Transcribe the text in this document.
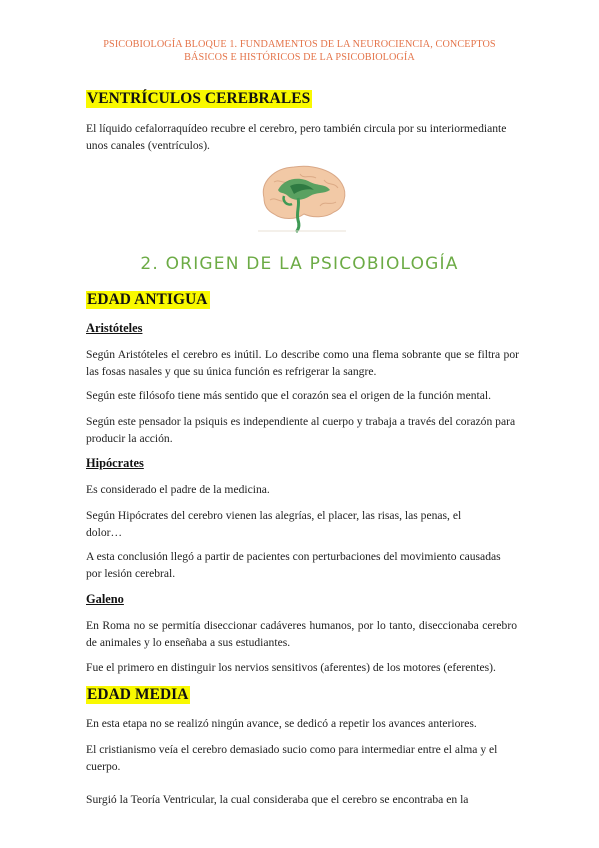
PSICOBIOLOGÍA BLOQUE 1. FUNDAMENTOS DE LA NEUROCIENCIA, CONCEPTOS
BÁSICOS E HISTÓRICOS DE LA PSICOBIOLOGÍA
VENTRÍCULOS CEREBRALES
El líquido cefalorraquídeo recubre el cerebro, pero también circula por su interiormediante unos canales (ventrículos).
2. ORIGEN DE LA PSICOBIOLOGÍA
EDAD ANTIGUA
Aristóteles
Según Aristóteles el cerebro es inútil. Lo describe como una flema sobrante que se filtra por las fosas nasales y que su única función es refrigerar la sangre.
Según este filósofo tiene más sentido que el corazón sea el origen de la función mental.
Según este pensador la psiquis es independiente al cuerpo y trabaja a través del corazón para producir la acción.
Hipócrates
Es considerado el padre de la medicina.
Según Hipócrates del cerebro vienen las alegrías, el placer, las risas, las penas, el dolor…
A esta conclusión llegó a partir de pacientes con perturbaciones del movimiento causadas por lesión cerebral.
Galeno
En Roma no se permitía diseccionar cadáveres humanos, por lo tanto, diseccionaba cerebro de animales y lo enseñaba a sus estudiantes.
Fue el primero en distinguir los nervios sensitivos (aferentes) de los motores (eferentes).
EDAD MEDIA
En esta etapa no se realizó ningún avance, se dedicó a repetir los avances anteriores.
El cristianismo veía el cerebro demasiado sucio como para intermediar entre el alma y el cuerpo.
Surgió la Teoría Ventricular, la cual consideraba que el cerebro se encontraba en la
